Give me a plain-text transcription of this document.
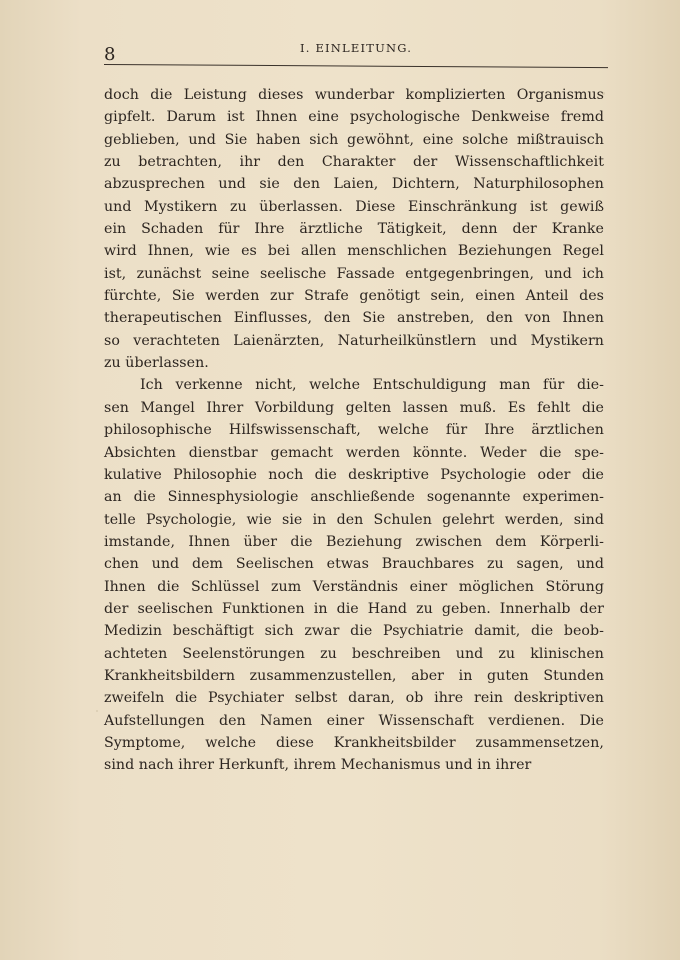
8	I. EINLEITUNG.
doch die Leistung dieses wunderbar komplizierten Organismus
gipfelt. Darum ist Ihnen eine psychologische Denkweise fremd
geblieben, und Sie haben sich gewöhnt, eine solche mißtrauisch
zu betrachten, ihr den Charakter der Wissenschaftlichkeit
abzusprechen und sie den Laien, Dichtern, Naturphilosophen
und Mystikern zu überlassen. Diese Einschränkung ist gewiß
ein Schaden für Ihre ärztliche Tätigkeit, denn der Kranke
wird Ihnen, wie es bei allen menschlichen Beziehungen Regel
ist, zunächst seine seelische Fassade entgegenbringen, und ich
fürchte, Sie werden zur Strafe genötigt sein, einen Anteil des
therapeutischen Einflusses, den Sie anstreben, den von Ihnen
so verachteten Laienärzten, Naturheilkünstlern und Mystikern
zu überlassen.
Ich verkenne nicht, welche Entschuldigung man für die-
sen Mangel Ihrer Vorbildung gelten lassen muß. Es fehlt die
philosophische Hilfswissenschaft, welche für Ihre ärztlichen
Absichten dienstbar gemacht werden könnte. Weder die spe-
kulative Philosophie noch die deskriptive Psychologie oder die
an die Sinnesphysiologie anschließende sogenannte experimen-
telle Psychologie, wie sie in den Schulen gelehrt werden, sind
imstande, Ihnen über die Beziehung zwischen dem Körperli-
chen und dem Seelischen etwas Brauchbares zu sagen, und
Ihnen die Schlüssel zum Verständnis einer möglichen Störung
der seelischen Funktionen in die Hand zu geben. Innerhalb der
Medizin beschäftigt sich zwar die Psychiatrie damit, die beob-
achteten Seelenstörungen zu beschreiben und zu klinischen
Krankheitsbildern zusammenzustellen, aber in guten Stunden
zweifeln die Psychiater selbst daran, ob ihre rein deskriptiven
Aufstellungen den Namen einer Wissenschaft verdienen. Die
Symptome, welche diese Krankheitsbilder zusammensetzen,
sind nach ihrer Herkunft, ihrem Mechanismus und in ihrer
